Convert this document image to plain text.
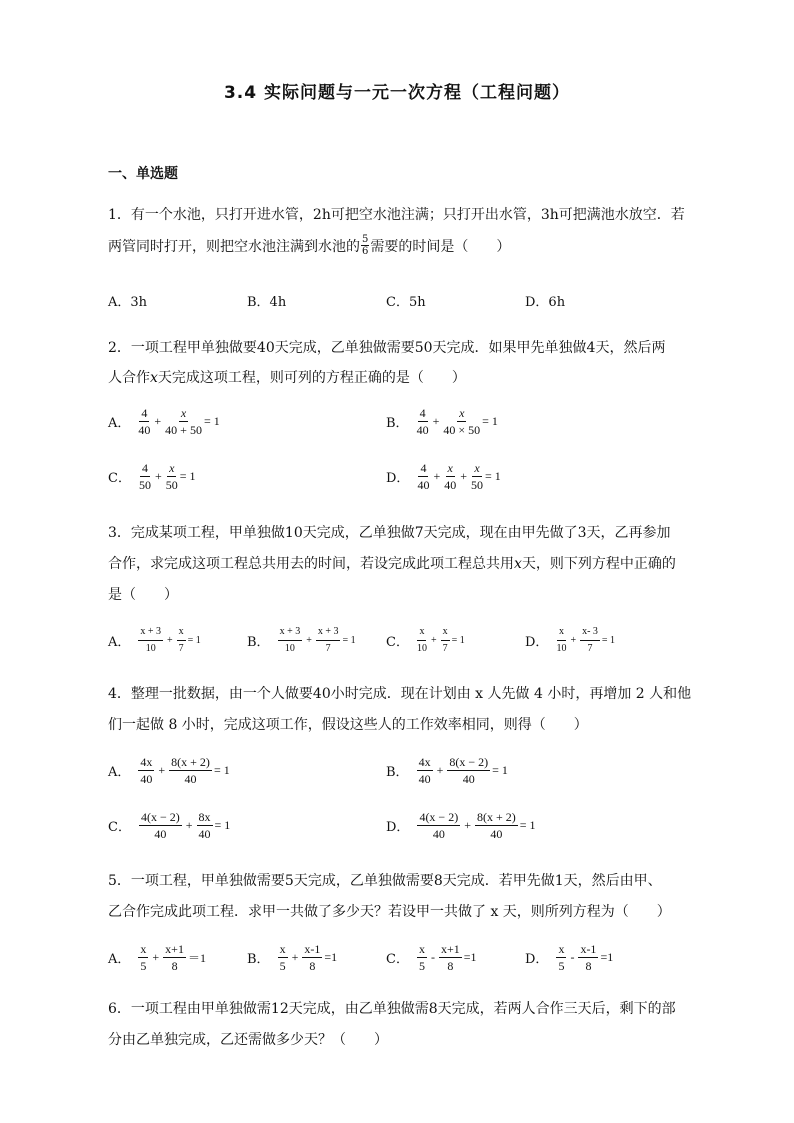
3.4 实际问题与一元一次方程（工程问题）
一、单选题
1．有一个水池，只打开进水管，2h可把空水池注满；只打开出水管，3h可把满池水放空．若
两管同时打开，则把空水池注满到水池的 $\frac{5}{6}$ 需要的时间是（　　）
A．3h	B．4h	C．5h	D．6h
2．一项工程甲单独做要40天完成，乙单独做需要50天完成．如果甲先单独做4天，然后两
人合作x天完成这项工程，则可列的方程正确的是（　　）
A． $\frac{4}{40} + \frac{x}{40 + 50} = 1$	B． $\frac{4}{40} + \frac{x}{40 \times 50} = 1$
C． $\frac{4}{50} + \frac{x}{50} = 1$	D． $\frac{4}{40} + \frac{x}{40} + \frac{x}{50} = 1$
3．完成某项工程，甲单独做10天完成，乙单独做7天完成，现在由甲先做了3天，乙再参加
合作，求完成这项工程总共用去的时间，若设完成此项工程总共用x天，则下列方程中正确的
是（　　）
A． $\frac{x + 3}{10} + \frac{x}{7} = 1$	B． $\frac{x + 3}{10} + \frac{x + 3}{7} = 1$ C． $\frac{x}{10} + \frac{x}{7} = 1$	D． $\frac{x}{10} + \frac{x- 3}{7} = 1$
4．整理一批数据，由一个人做要40小时完成．现在计划由 x 人先做 4 小时，再增加 2 人和他
们一起做 8 小时，完成这项工作，假设这些人的工作效率相同，则得（　　）
A． $\frac{4x}{40} + \frac{8(x + 2)}{40} = 1$	B． $\frac{4x}{40} + \frac{8(x - 2)}{40} = 1$
C． $\frac{4(x - 2)}{40} + \frac{8x}{40} = 1$	D． $\frac{4(x - 2)}{40} + \frac{8(x + 2)}{40} = 1$
5．一项工程，甲单独做需要5天完成，乙单独做需要8天完成．若甲先做1天，然后由甲、
乙合作完成此项工程．求甲一共做了多少天？若设甲一共做了 x 天，则所列方程为（　　）
A． $\frac{x}{5} + \frac{x+1}{8} =1$	B． $\frac{x}{5} + \frac{x-1}{8} =1$	C． $\frac{x}{5} - \frac{x+1}{8} =1$	D． $\frac{x}{5} - \frac{x-1}{8} =1$
6．一项工程由甲单独做需12天完成，由乙单独做需8天完成，若两人合作三天后，剩下的部
分由乙单独完成，乙还需做多少天？（　　）
